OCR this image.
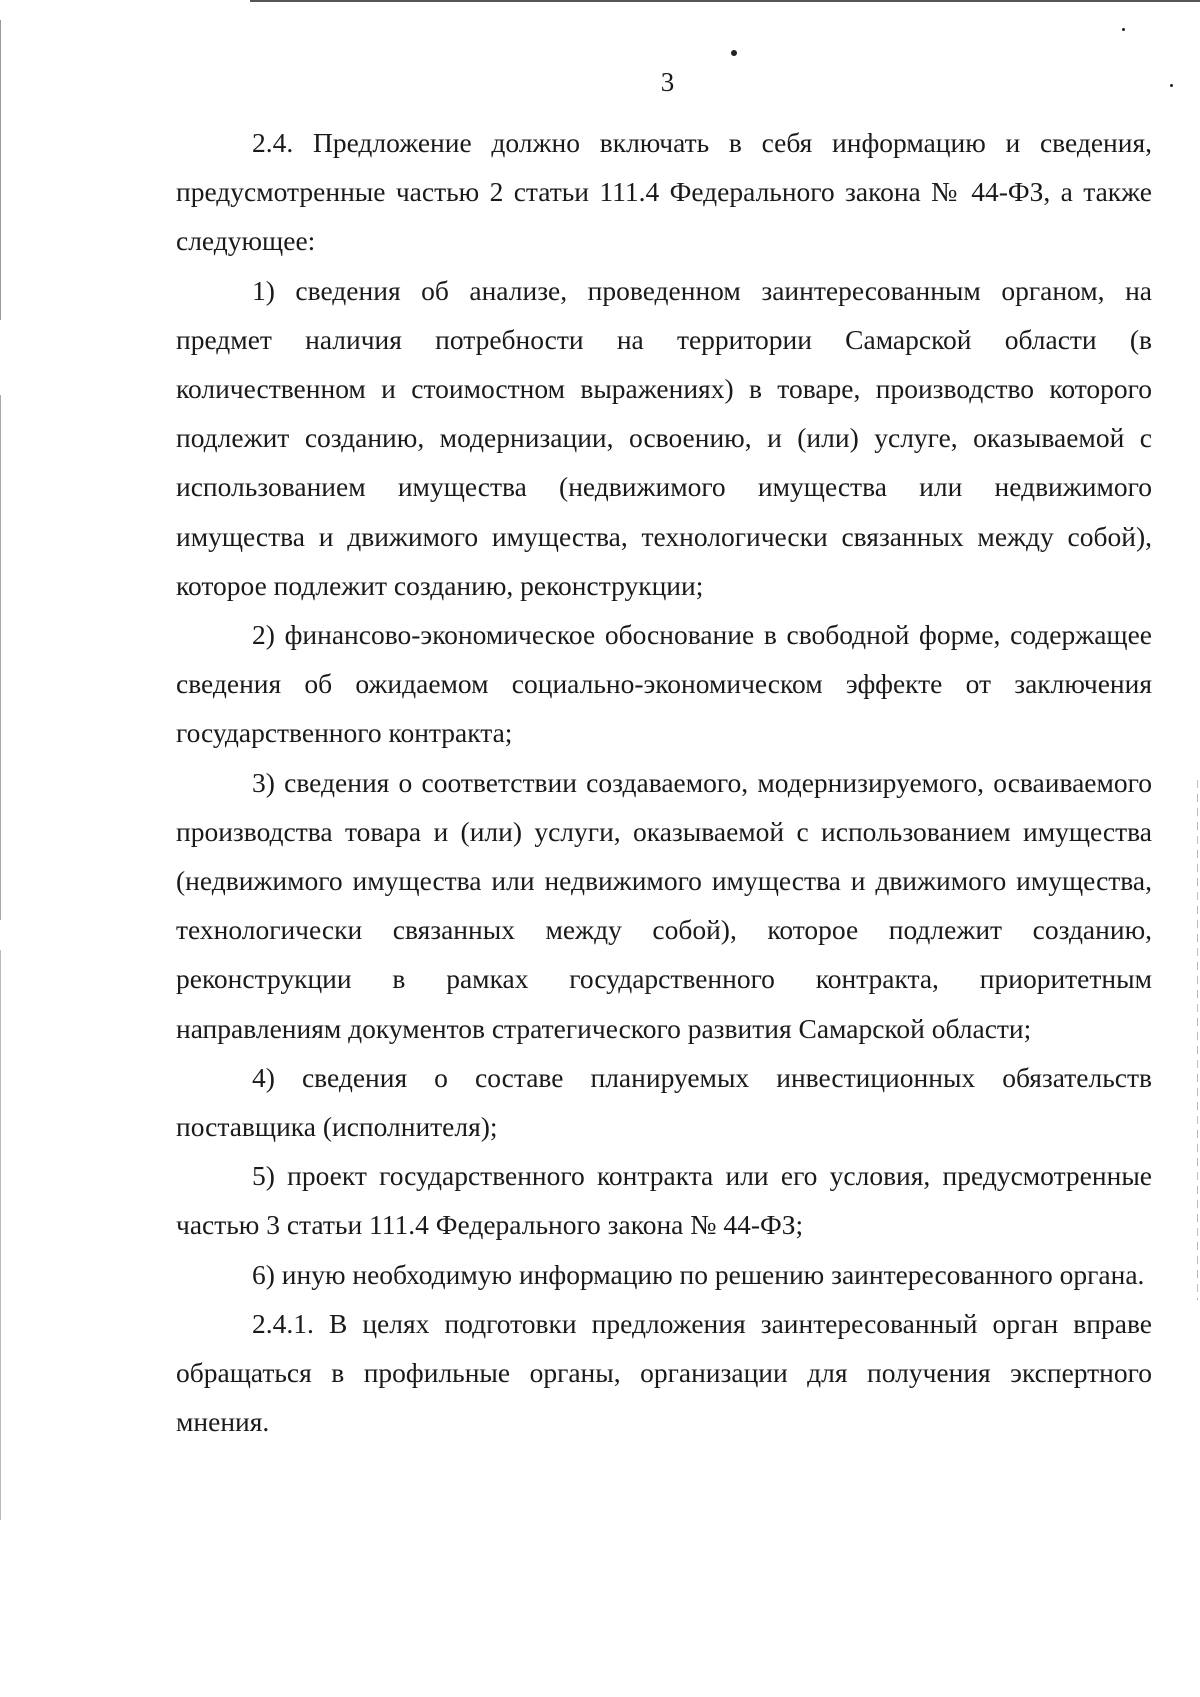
3

2.4. Предложение должно включать в себя информацию и сведения, предусмотренные частью 2 статьи 111.4 Федерального закона № 44-ФЗ, а также следующее:

1) сведения об анализе, проведенном заинтересованным органом, на предмет наличия потребности на территории Самарской области (в количественном и стоимостном выражениях) в товаре, производство которого подлежит созданию, модернизации, освоению, и (или) услуге, оказываемой с использованием имущества (недвижимого имущества или недвижимого имущества и движимого имущества, технологически связанных между собой), которое подлежит созданию, реконструкции;

2) финансово-экономическое обоснование в свободной форме, содержащее сведения об ожидаемом социально-экономическом эффекте от заключения государственного контракта;

3) сведения о соответствии создаваемого, модернизируемого, осваиваемого производства товара и (или) услуги, оказываемой с использованием имущества (недвижимого имущества или недвижимого имущества и движимого имущества, технологически связанных между собой), которое подлежит созданию, реконструкции в рамках государственного контракта, приоритетным направлениям документов стратегического развития Самарской области;

4) сведения о составе планируемых инвестиционных обязательств поставщика (исполнителя);

5) проект государственного контракта или его условия, предусмотренные частью 3 статьи 111.4 Федерального закона № 44-ФЗ;

6) иную необходимую информацию по решению заинтересованного органа.

2.4.1. В целях подготовки предложения заинтересованный орган вправе обращаться в профильные органы, организации для получения экспертного мнения.
